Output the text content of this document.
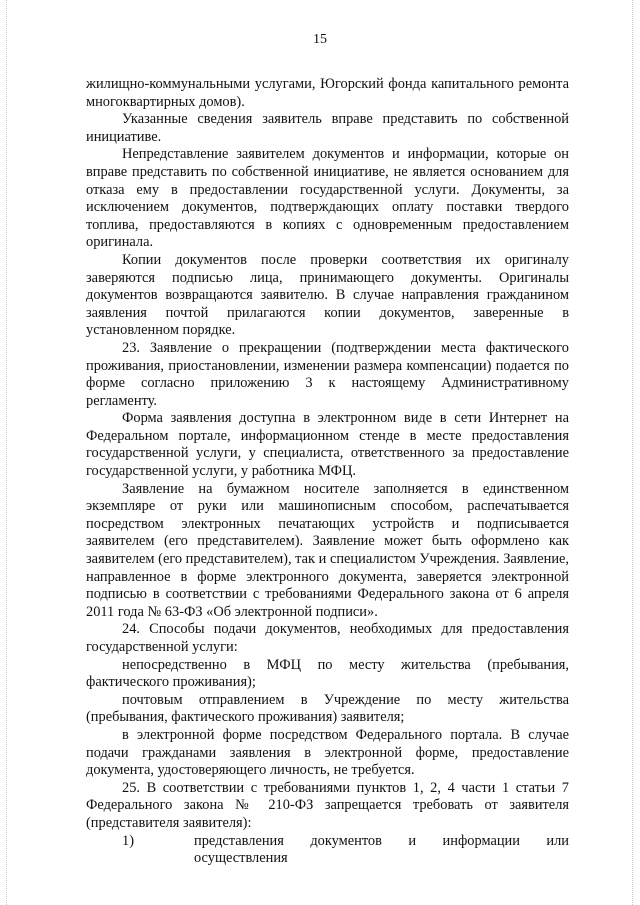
15

жилищно-коммунальными услугами, Югорский фонда капитального ремонта многоквартирных домов).

Указанные сведения заявитель вправе представить по собственной инициативе.

Непредставление заявителем документов и информации, которые он вправе представить по собственной инициативе, не является основанием для отказа ему в предоставлении государственной услуги. Документы, за исключением документов, подтверждающих оплату поставки твердого топлива, предоставляются в копиях с одновременным предоставлением оригинала.

Копии документов после проверки соответствия их оригиналу заверяются подписью лица, принимающего документы. Оригиналы документов возвращаются заявителю. В случае направления гражданином заявления почтой прилагаются копии документов, заверенные в установленном порядке.

23. Заявление о прекращении (подтверждении места фактического проживания, приостановлении, изменении размера компенсации) подается по форме согласно приложению 3 к настоящему Административному регламенту.

Форма заявления доступна в электронном виде в сети Интернет на Федеральном портале, информационном стенде в месте предоставления государственной услуги, у специалиста, ответственного за предоставление государственной услуги, у работника МФЦ.

Заявление на бумажном носителе заполняется в единственном экземпляре от руки или машинописным способом, распечатывается посредством электронных печатающих устройств и подписывается заявителем (его представителем). Заявление может быть оформлено как заявителем (его представителем), так и специалистом Учреждения. Заявление, направленное в форме электронного документа, заверяется электронной подписью в соответствии с требованиями Федерального закона от 6 апреля 2011 года № 63-ФЗ «Об электронной подписи».

24. Способы подачи документов, необходимых для предоставления государственной услуги:

непосредственно в МФЦ по месту жительства (пребывания, фактического проживания);

почтовым отправлением в Учреждение по месту жительства (пребывания, фактического проживания) заявителя;

в электронной форме посредством Федерального портала. В случае подачи гражданами заявления в электронной форме, предоставление документа, удостоверяющего личность, не требуется.

25. В соответствии с требованиями пунктов 1, 2, 4 части 1 статьи 7 Федерального закона № 210-ФЗ запрещается требовать от заявителя (представителя заявителя):

1)	представления документов и информации или осуществления
